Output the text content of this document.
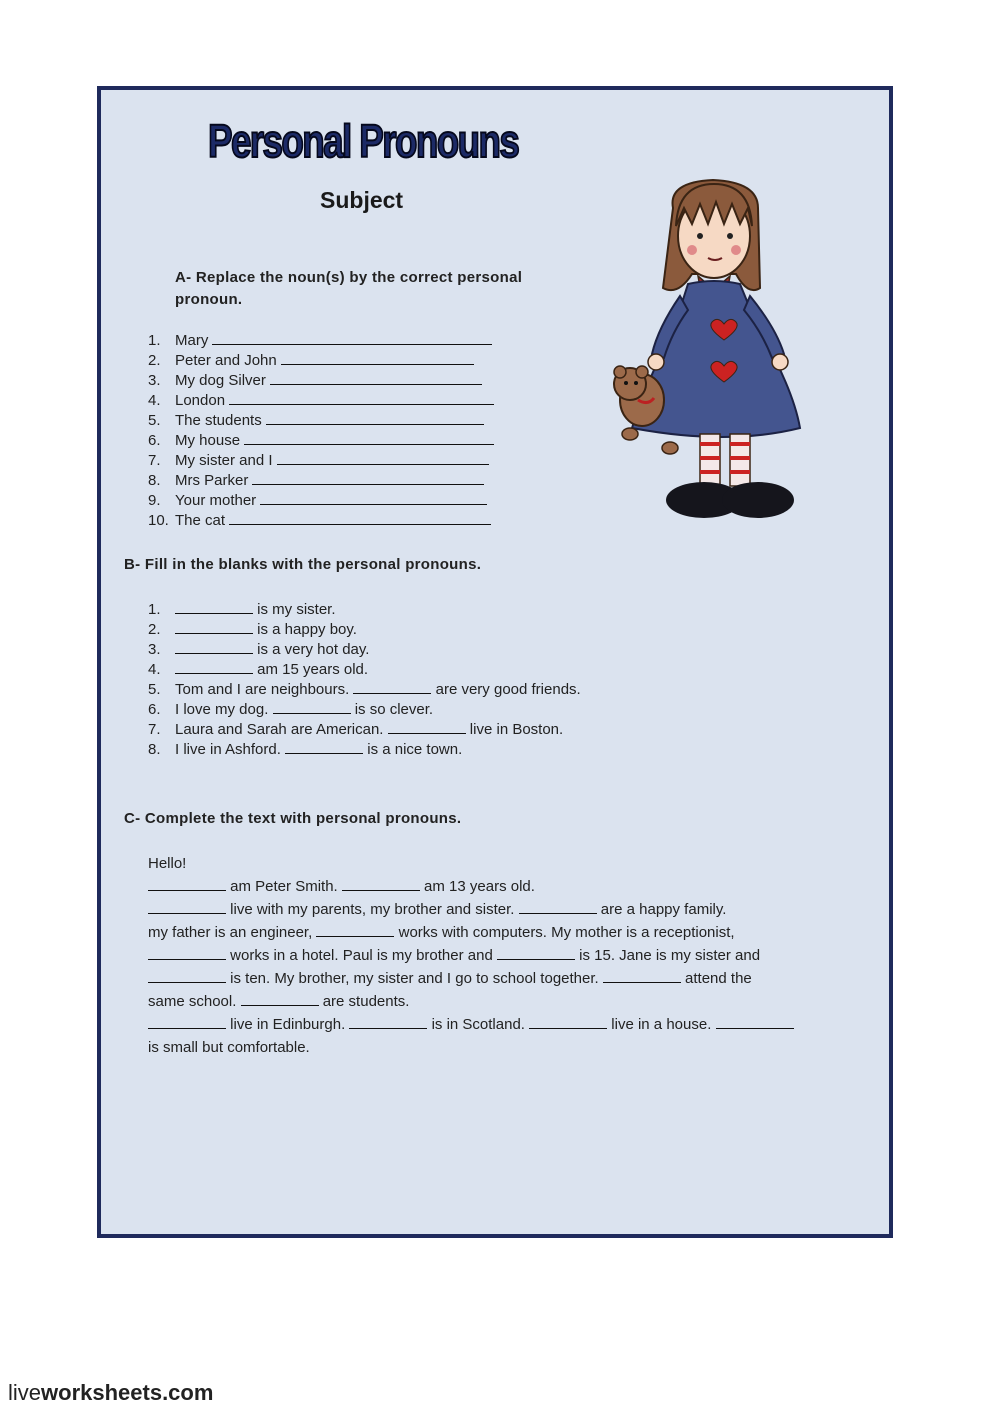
Personal Pronouns
Subject

A- Replace the noun(s) by the correct personal
pronoun.

1. Mary
2. Peter and John
3. My dog Silver
4. London
5. The students
6. My house
7. My sister and I
8. Mrs Parker
9. Your mother
10. The cat

B- Fill in the blanks with the personal pronouns.

1.	is my sister.
2.	is a happy boy.
3.	is a very hot day.
4.	am 15 years old.
5. Tom and I are neighbours.	are very good friends.
6. I love my dog.	is so clever.
7. Laura and Sarah are American.	live in Boston.
8. I live in Ashford.	is a nice town.

C- Complete the text with personal pronouns.

Hello!

am Peter Smith.	am 13 years old.

live with my parents, my brother and sister.	are a happy family.

my father is an engineer,	works with computers. My mother is a receptionist,

works in a hotel. Paul is my brother and	is 15. Jane is my sister and

is ten. My brother, my sister and I go to school together.	attend the

same school.	are students.

live in Edinburgh.	is in Scotland.	live in a house.

is small but comfortable.

liveworksheets.com
